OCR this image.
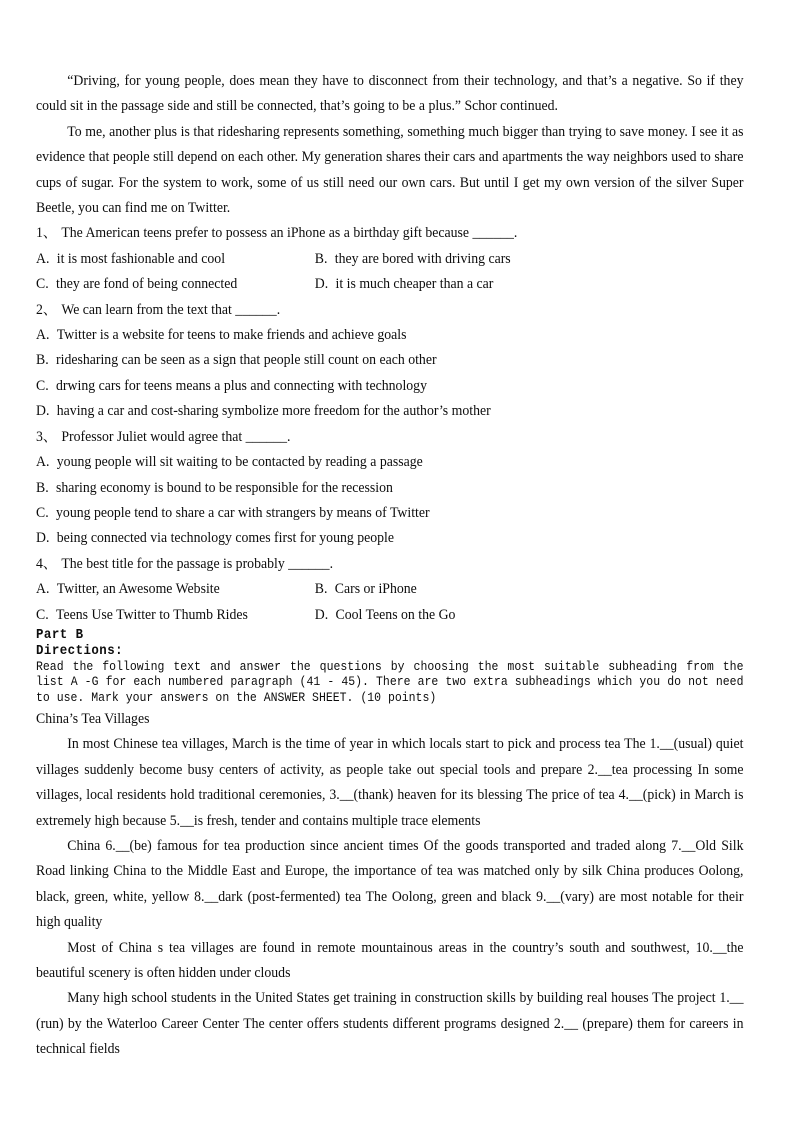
“Driving, for young people, does mean they have to disconnect from their technology, and that’s a negative. So if they could sit in the passage side and still be connected, that’s going to be a plus.” Schor continued.

To me, another plus is that ridesharing represents something, something much bigger than trying to save money. I see it as evidence that people still depend on each other. My generation shares their cars and apartments the way neighbors used to share cups of sugar. For the system to work, some of us still need our own cars. But until I get my own version of the silver Super Beetle, you can find me on Twitter.

1、 The American teens prefer to possess an iPhone as a birthday gift because ______.

A. it is most fashionable and cool	B. they are bored with driving cars

C. they are fond of being connected	D. it is much cheaper than a car

2、 We can learn from the text that ______.

A. Twitter is a website for teens to make friends and achieve goals

B. ridesharing can be seen as a sign that people still count on each other

C. drwing cars for teens means a plus and connecting with technology

D. having a car and cost-sharing symbolize more freedom for the author’s mother

3、 Professor Juliet would agree that ______.

A. young people will sit waiting to be contacted by reading a passage

B. sharing economy is bound to be responsible for the recession

C. young people tend to share a car with strangers by means of Twitter

D. being connected via technology comes first for young people

4、 The best title for the passage is probably ______.

A. Twitter, an Awesome Website	B. Cars or iPhone

C. Teens Use Twitter to Thumb Rides	D. Cool Teens on the Go

Part B

Directions:

Read the following text and answer the questions by choosing the most suitable subheading from the list A -G for each numbered paragraph (41 - 45). There are two extra subheadings which you do not need to use. Mark your answers on the ANSWER SHEET. (10 points)

China’s Tea Villages

In most Chinese tea villages, March is the time of year in which locals start to pick and process tea The 1.__(usual) quiet villages suddenly become busy centers of activity, as people take out special tools and prepare 2.__tea processing In some villages, local residents hold traditional ceremonies, 3.__(thank) heaven for its blessing The price of tea 4.__(pick) in March is extremely high because 5.__is fresh, tender and contains multiple trace elements

China 6.__(be) famous for tea production since ancient times Of the goods transported and traded along 7.__Old Silk Road linking China to the Middle East and Europe, the importance of tea was matched only by silk China produces Oolong, black, green, white, yellow 8.__dark (post-fermented) tea The Oolong, green and black 9.__(vary) are most notable for their high quality

Most of China s tea villages are found in remote mountainous areas in the country’s south and southwest, 10.__the beautiful scenery is often hidden under clouds

Many high school students in the United States get training in construction skills by building real houses The project 1.__ (run) by the Waterloo Career Center The center offers students different programs designed 2.__ (prepare) them for careers in technical fields
